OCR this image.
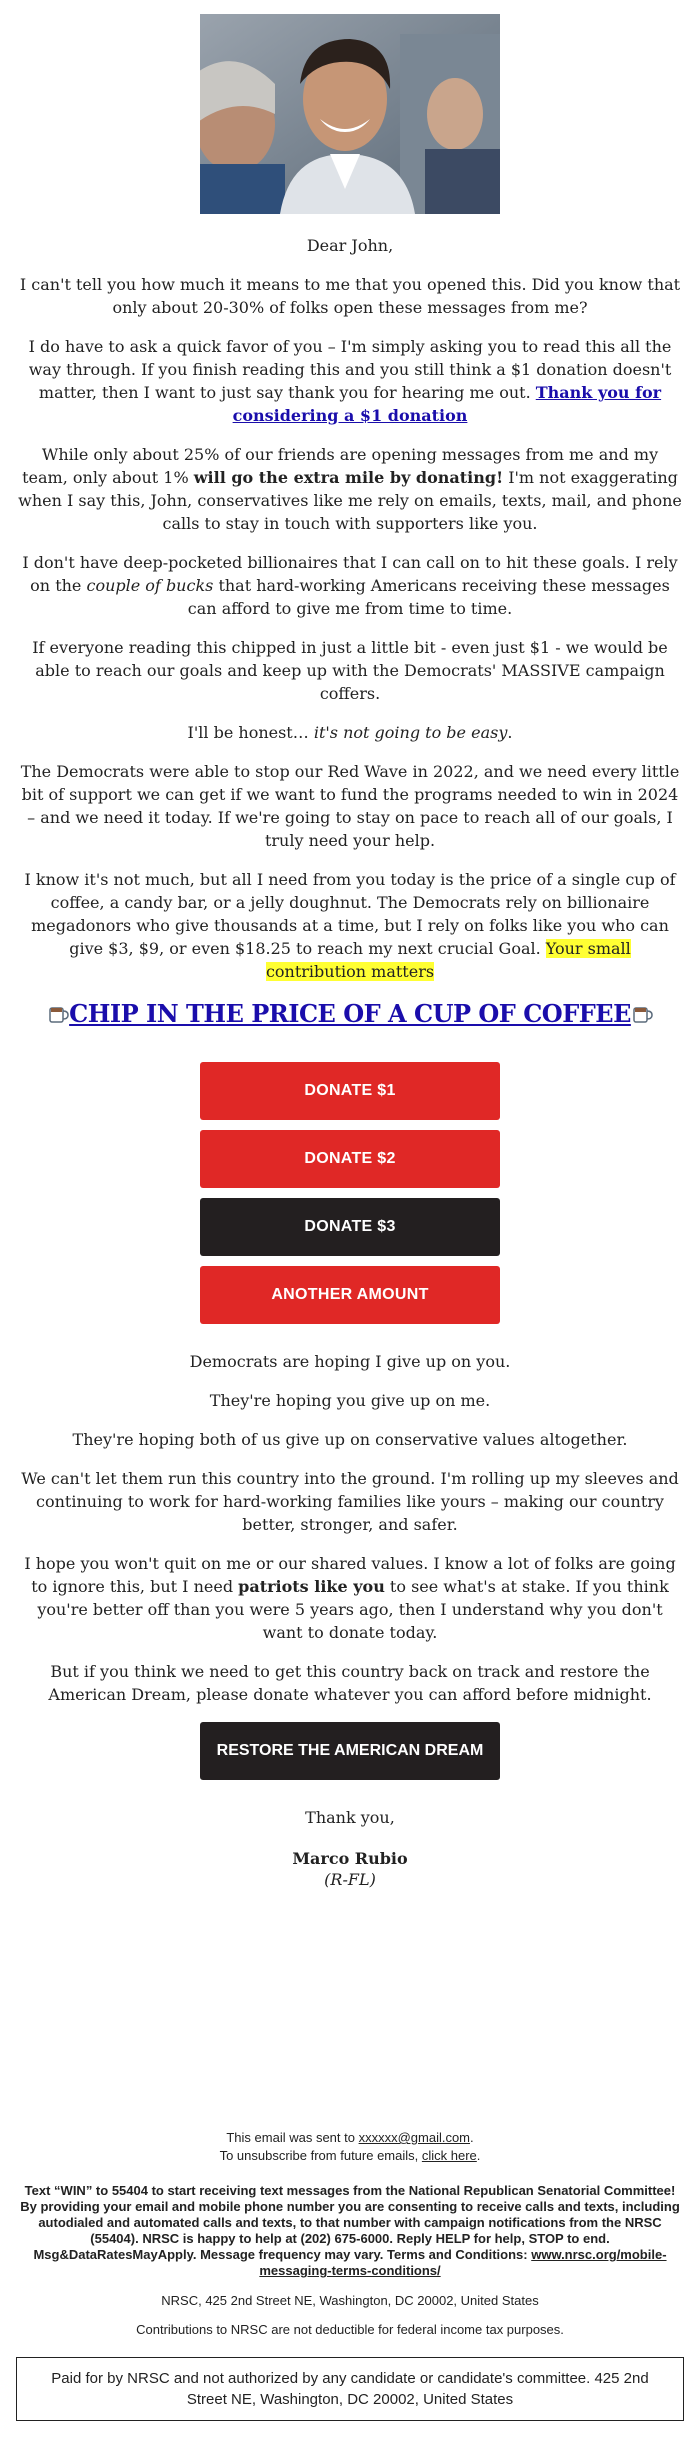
Dear John,

I can't tell you how much it means to me that you opened this. Did you know that only about 20-30% of folks open these messages from me?

I do have to ask a quick favor of you – I'm simply asking you to read this all the way through. If you finish reading this and you still think a $1 donation doesn't matter, then I want to just say thank you for hearing me out. Thank you for considering a $1 donation

While only about 25% of our friends are opening messages from me and my team, only about 1% will go the extra mile by donating! I'm not exaggerating when I say this, John, conservatives like me rely on emails, texts, mail, and phone calls to stay in touch with supporters like you.

I don't have deep-pocketed billionaires that I can call on to hit these goals. I rely on the couple of bucks that hard-working Americans receiving these messages can afford to give me from time to time.

If everyone reading this chipped in just a little bit - even just $1 - we would be able to reach our goals and keep up with the Democrats' MASSIVE campaign coffers.

I'll be honest… it's not going to be easy.

The Democrats were able to stop our Red Wave in 2022, and we need every little bit of support we can get if we want to fund the programs needed to win in 2024 – and we need it today. If we're going to stay on pace to reach all of our goals, I truly need your help.

I know it's not much, but all I need from you today is the price of a single cup of coffee, a candy bar, or a jelly doughnut. The Democrats rely on billionaire megadonors who give thousands at a time, but I rely on folks like you who can give $3, $9, or even $18.25 to reach my next crucial Goal. Your small contribution matters

CHIP IN THE PRICE OF A CUP OF COFFEE
DONATE $1
DONATE $2
DONATE $3
ANOTHER AMOUNT

Democrats are hoping I give up on you.

They're hoping you give up on me.

They're hoping both of us give up on conservative values altogether.

We can't let them run this country into the ground. I'm rolling up my sleeves and continuing to work for hard-working families like yours – making our country better, stronger, and safer.

I hope you won't quit on me or our shared values. I know a lot of folks are going to ignore this, but I need patriots like you to see what's at stake. If you think you're better off than you were 5 years ago, then I understand why you don't want to donate today.

But if you think we need to get this country back on track and restore the American Dream, please donate whatever you can afford before midnight.

RESTORE THE AMERICAN DREAM

Thank you,

Marco Rubio

(R-FL)

This email was sent to xxxxxx@gmail.com.

To unsubscribe from future emails, click here.

Text “WIN” to 55404 to start receiving text messages from the National Republican Senatorial Committee! By providing your email and mobile phone number you are consenting to receive calls and texts, including autodialed and automated calls and texts, to that number with campaign notifications from the NRSC (55404). NRSC is happy to help at (202) 675-6000. Reply HELP for help, STOP to end. Msg&DataRatesMayApply. Message frequency may vary. Terms and Conditions: www.nrsc.org/mobile-messaging-terms-conditions/

NRSC, 425 2nd Street NE, Washington, DC 20002, United States

Contributions to NRSC are not deductible for federal income tax purposes.

Paid for by NRSC and not authorized by any candidate or candidate's committee. 425 2nd Street NE, Washington, DC 20002, United States
